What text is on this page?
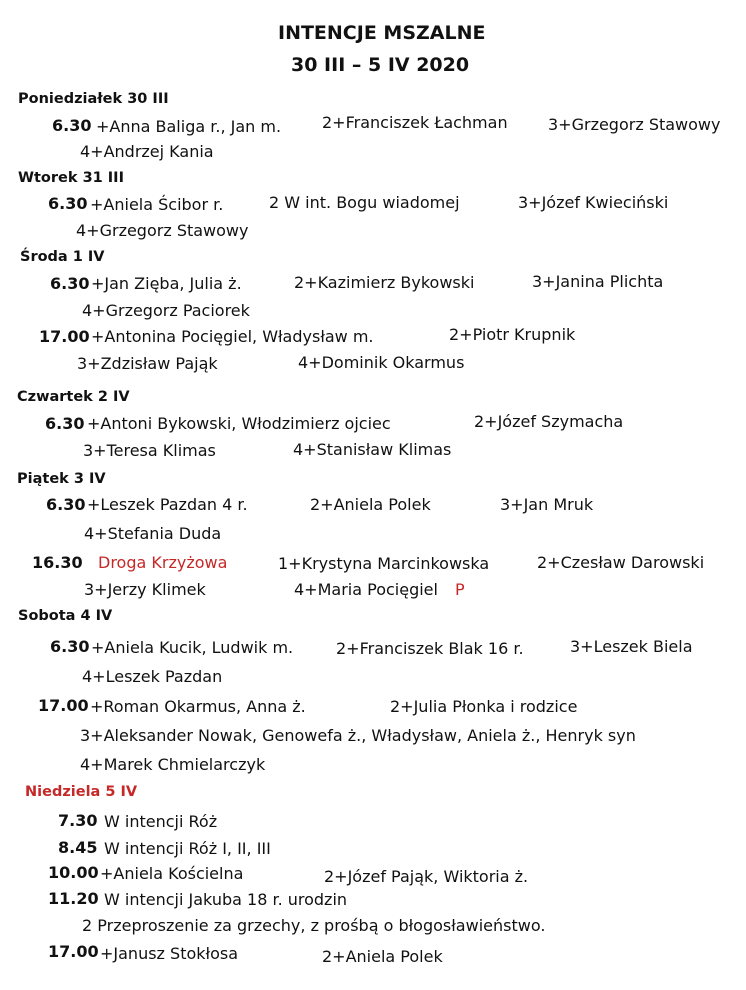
INTENCJE MSZALNE
30 III – 5 IV 2020
Poniedziałek 30 III
6.30 +Anna Baliga r., Jan m.	2+Franciszek Łachman	3+Grzegorz Stawowy
4+Andrzej Kania
Wtorek 31 III
6.30 +Aniela Ścibor r.	2 W int. Bogu wiadomej	3+Józef Kwieciński
4+Grzegorz Stawowy
Środa 1 IV
6.30 +Jan Zięba, Julia ż.	2+Kazimierz Bykowski	3+Janina Plichta
4+Grzegorz Paciorek
17.00 +Antonina Pocięgiel, Władysław m.	2+Piotr Krupnik
3+Zdzisław Pająk	4+Dominik Okarmus
Czwartek 2 IV
6.30 +Antoni Bykowski, Włodzimierz ojciec	2+Józef Szymacha
3+Teresa Klimas	4+Stanisław Klimas
Piątek 3 IV
6.30 +Leszek Pazdan 4 r.	2+Aniela Polek	3+Jan Mruk
4+Stefania Duda
16.30 Droga Krzyżowa	1+Krystyna Marcinkowska	2+Czesław Darowski
3+Jerzy Klimek	4+Maria Pocięgiel P
Sobota 4 IV
6.30 +Aniela Kucik, Ludwik m.	2+Franciszek Blak 16 r.	3+Leszek Biela
4+Leszek Pazdan
17.00 +Roman Okarmus, Anna ż.	2+Julia Płonka i rodzice
3+Aleksander Nowak, Genowefa ż., Władysław, Aniela ż., Henryk syn
4+Marek Chmielarczyk
Niedziela 5 IV
7.30 W intencji Róż
8.45 W intencji Róż I, II, III
10.00 +Aniela Kościelna	2+Józef Pająk, Wiktoria ż.
11.20 W intencji Jakuba 18 r. urodzin
2 Przeproszenie za grzechy, z prośbą o błogosławieństwo.
17.00 +Janusz Stokłosa	2+Aniela Polek
